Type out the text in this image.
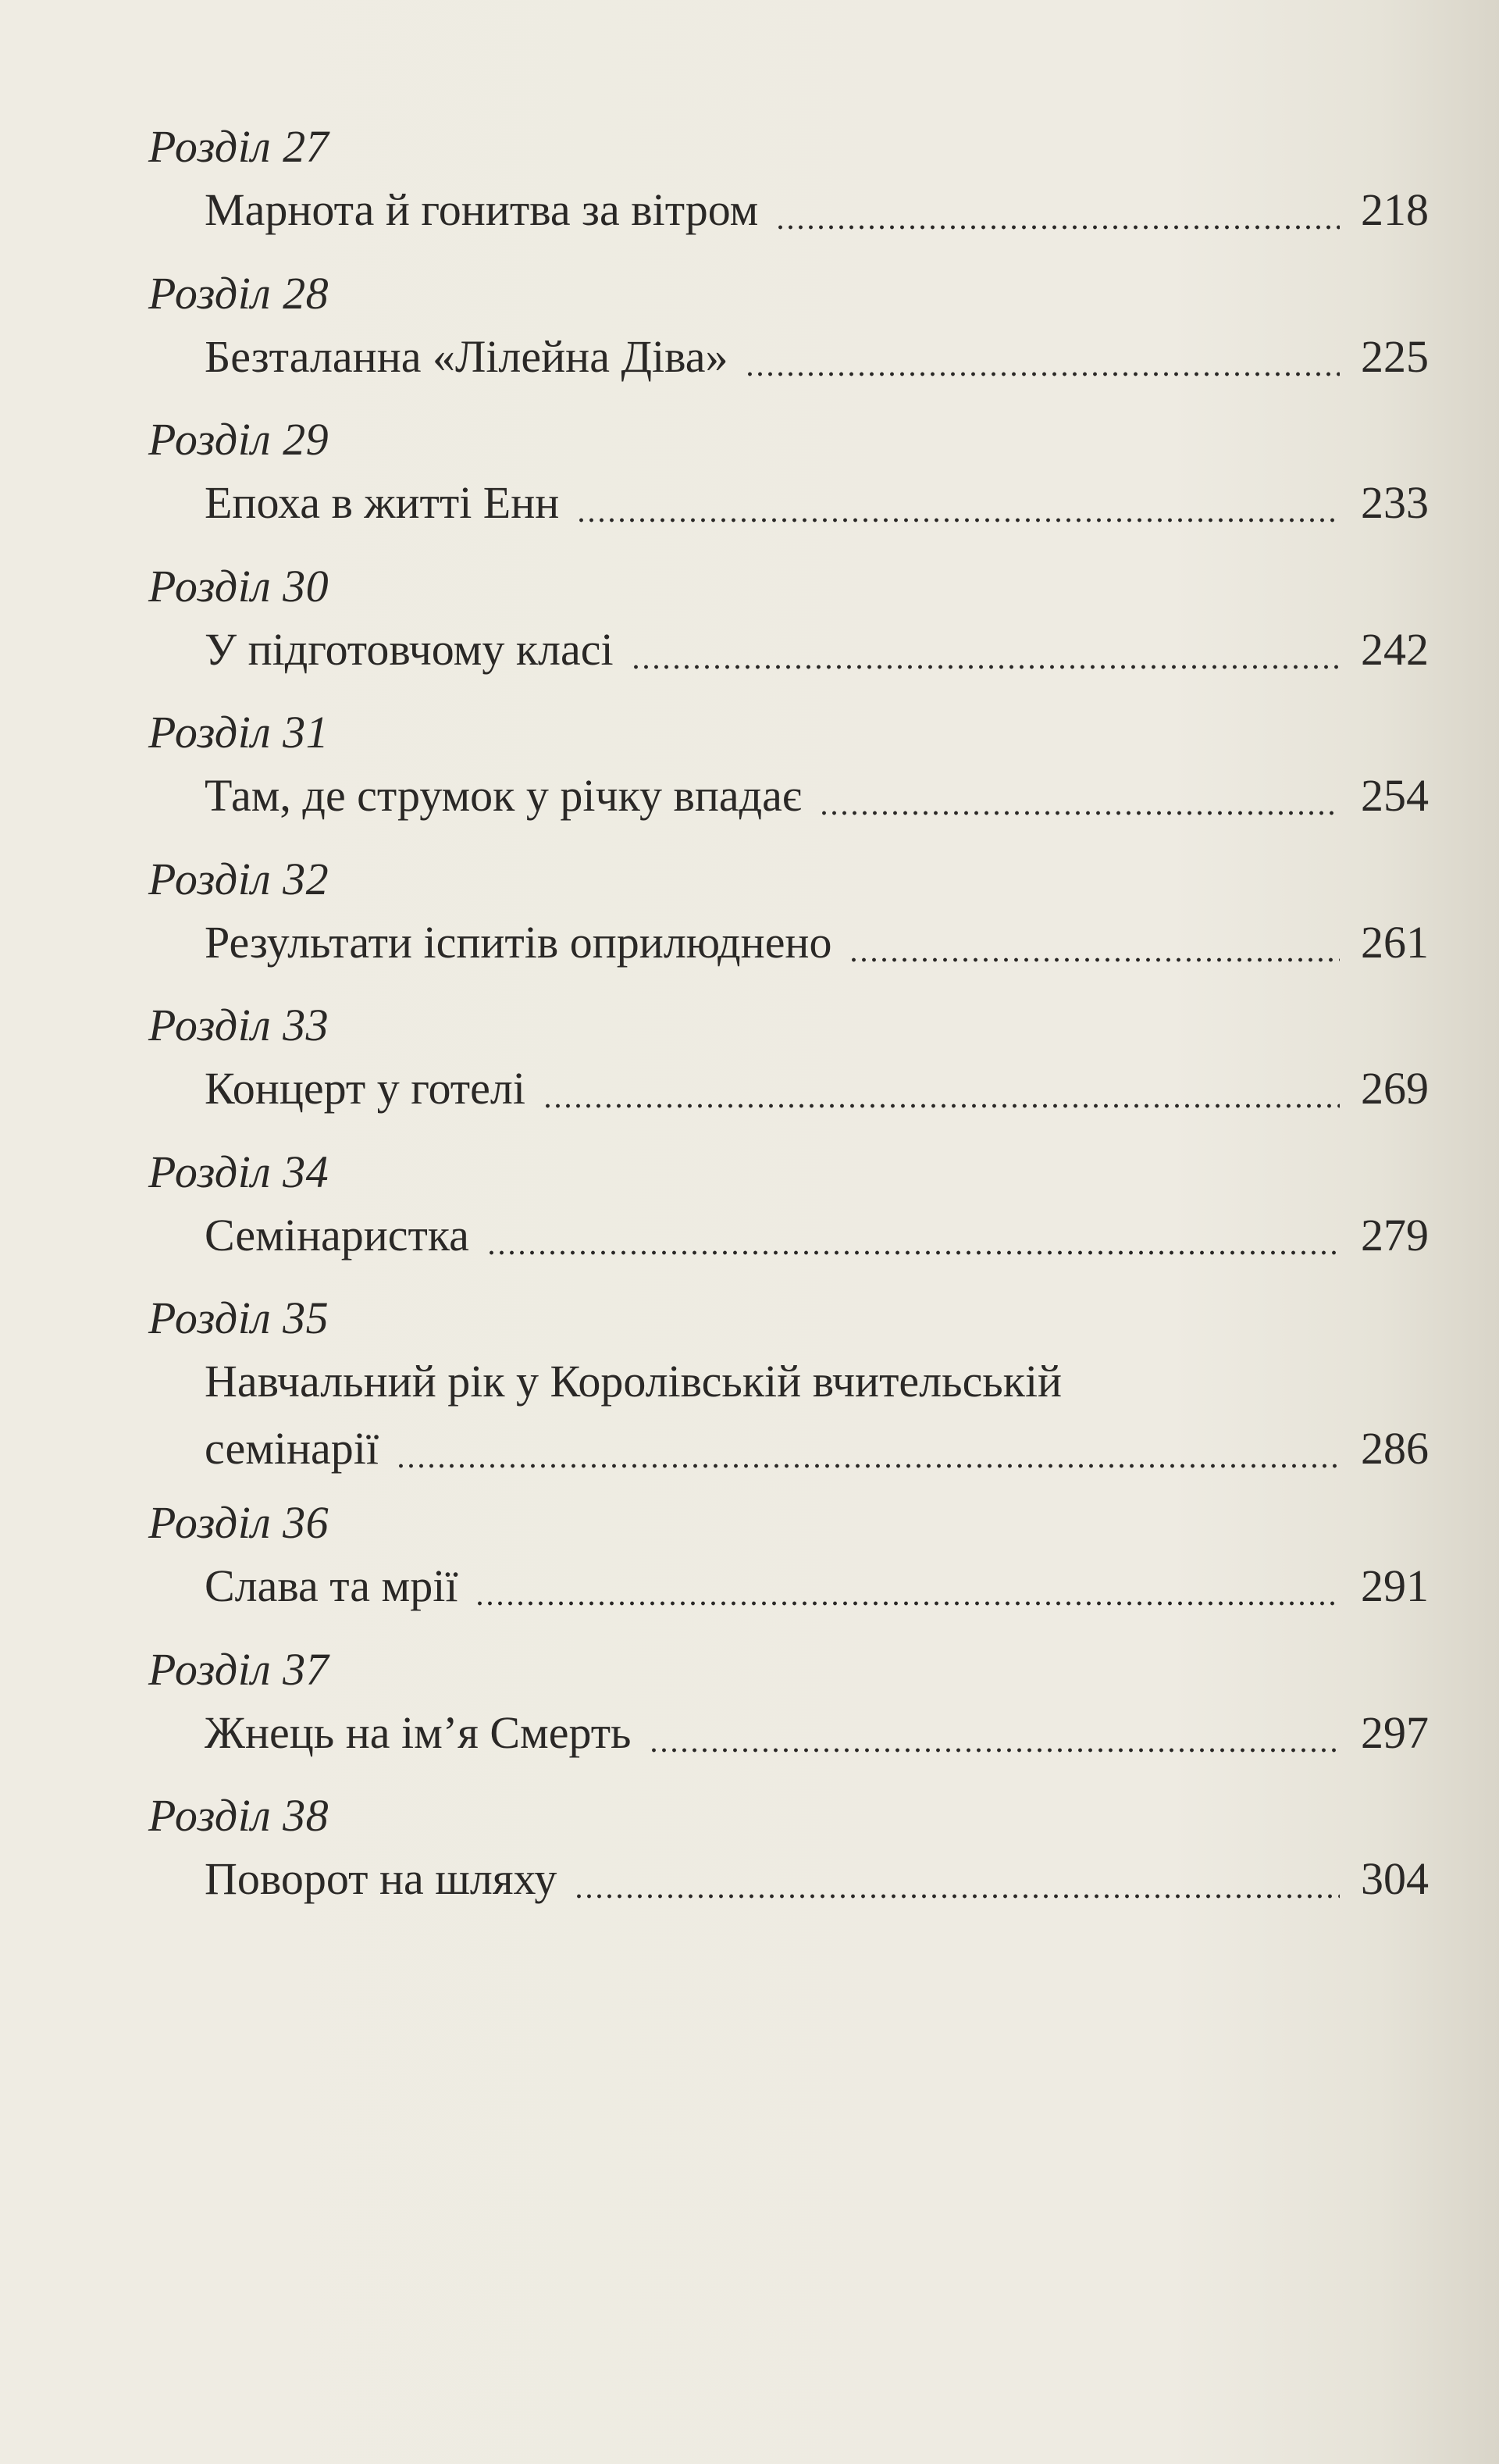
Розділ 27
Марнота й гонитва за вітром	218
Розділ 28
Безталанна «Лілейна Діва»	225
Розділ 29
Епоха в житті Енн	233
Розділ 30
У підготовчому класі	242
Розділ 31
Там, де струмок у річку впадає	254
Розділ 32
Результати іспитів оприлюднено	261
Розділ 33
Концерт у готелі	269
Розділ 34
Семінаристка	279
Розділ 35
Навчальний рік у Королівській вчительській
семінарії	286
Розділ 36
Слава та мрії	291
Розділ 37
Жнець на ім’я Смерть	297
Розділ 38
Поворот на шляху	304
